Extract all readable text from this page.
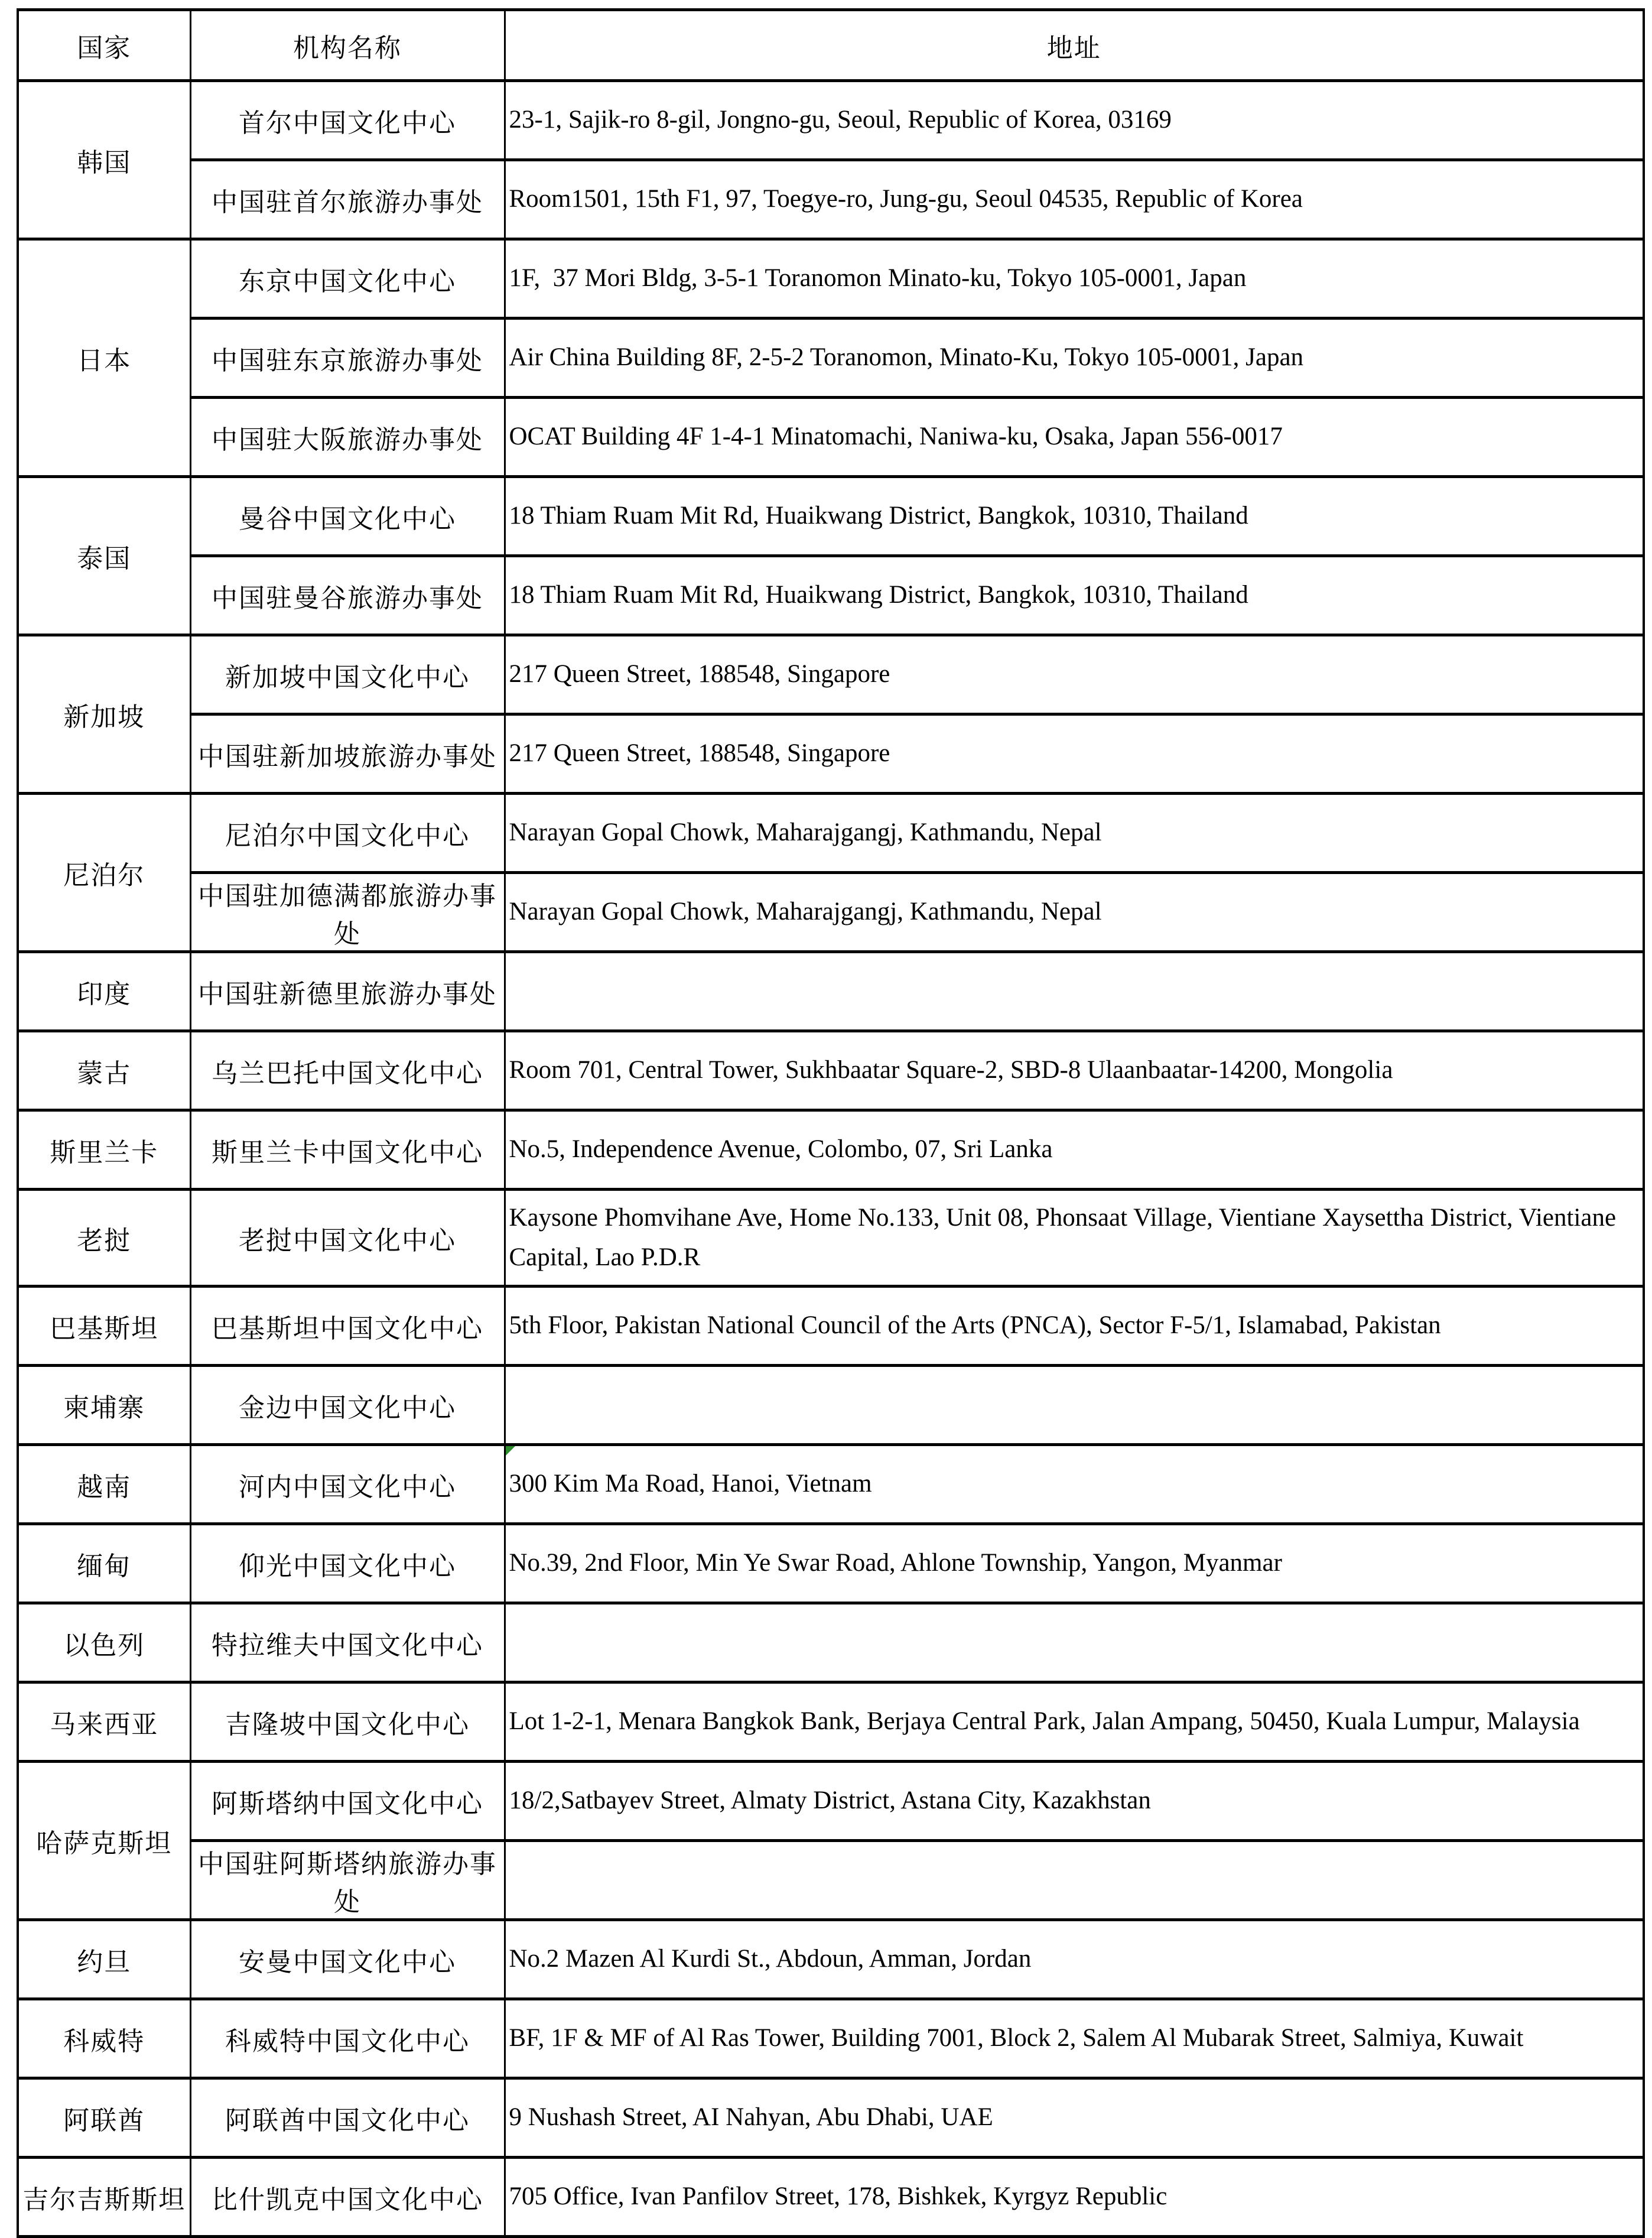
国家	机构名称	地址
韩国	首尔中国文化中心	23-1, Sajik-ro 8-gil, Jongno-gu, Seoul, Republic of Korea, 03169
	中国驻首尔旅游办事处	Room1501, 15th F1, 97, Toegye-ro, Jung-gu, Seoul 04535, Republic of Korea
日本	东京中国文化中心	1F,  37 Mori Bldg, 3-5-1 Toranomon Minato-ku, Tokyo 105-0001, Japan
	中国驻东京旅游办事处	Air China Building 8F, 2-5-2 Toranomon, Minato-Ku, Tokyo 105-0001, Japan
	中国驻大阪旅游办事处	OCAT Building 4F 1-4-1 Minatomachi, Naniwa-ku, Osaka, Japan 556-0017
泰国	曼谷中国文化中心	18 Thiam Ruam Mit Rd, Huaikwang District, Bangkok, 10310, Thailand
	中国驻曼谷旅游办事处	18 Thiam Ruam Mit Rd, Huaikwang District, Bangkok, 10310, Thailand
新加坡	新加坡中国文化中心	217 Queen Street, 188548, Singapore
	中国驻新加坡旅游办事处	217 Queen Street, 188548, Singapore
尼泊尔	尼泊尔中国文化中心	Narayan Gopal Chowk, Maharajgangj, Kathmandu, Nepal
	中国驻加德满都旅游办事处	Narayan Gopal Chowk, Maharajgangj, Kathmandu, Nepal
印度	中国驻新德里旅游办事处	
蒙古	乌兰巴托中国文化中心	Room 701, Central Tower, Sukhbaatar Square-2, SBD-8 Ulaanbaatar-14200, Mongolia
斯里兰卡	斯里兰卡中国文化中心	No.5, Independence Avenue, Colombo, 07, Sri Lanka
老挝	老挝中国文化中心	Kaysone Phomvihane Ave, Home No.133, Unit 08, Phonsaat Village, Vientiane Xaysettha District, Vientiane Capital, Lao P.D.R
巴基斯坦	巴基斯坦中国文化中心	5th Floor, Pakistan National Council of the Arts (PNCA), Sector F-5/1, Islamabad, Pakistan
柬埔寨	金边中国文化中心	
越南	河内中国文化中心	300 Kim Ma Road, Hanoi, Vietnam
缅甸	仰光中国文化中心	No.39, 2nd Floor, Min Ye Swar Road, Ahlone Township, Yangon, Myanmar
以色列	特拉维夫中国文化中心	
马来西亚	吉隆坡中国文化中心	Lot 1-2-1, Menara Bangkok Bank, Berjaya Central Park, Jalan Ampang, 50450, Kuala Lumpur, Malaysia
哈萨克斯坦	阿斯塔纳中国文化中心	18/2,Satbayev Street, Almaty District, Astana City, Kazakhstan
	中国驻阿斯塔纳旅游办事处	
约旦	安曼中国文化中心	No.2 Mazen Al Kurdi St., Abdoun, Amman, Jordan
科威特	科威特中国文化中心	BF, 1F & MF of Al Ras Tower, Building 7001, Block 2, Salem Al Mubarak Street, Salmiya, Kuwait
阿联酋	阿联酋中国文化中心	9 Nushash Street, AI Nahyan, Abu Dhabi, UAE
吉尔吉斯斯坦	比什凯克中国文化中心	705 Office, Ivan Panfilov Street, 178, Bishkek, Kyrgyz Republic
